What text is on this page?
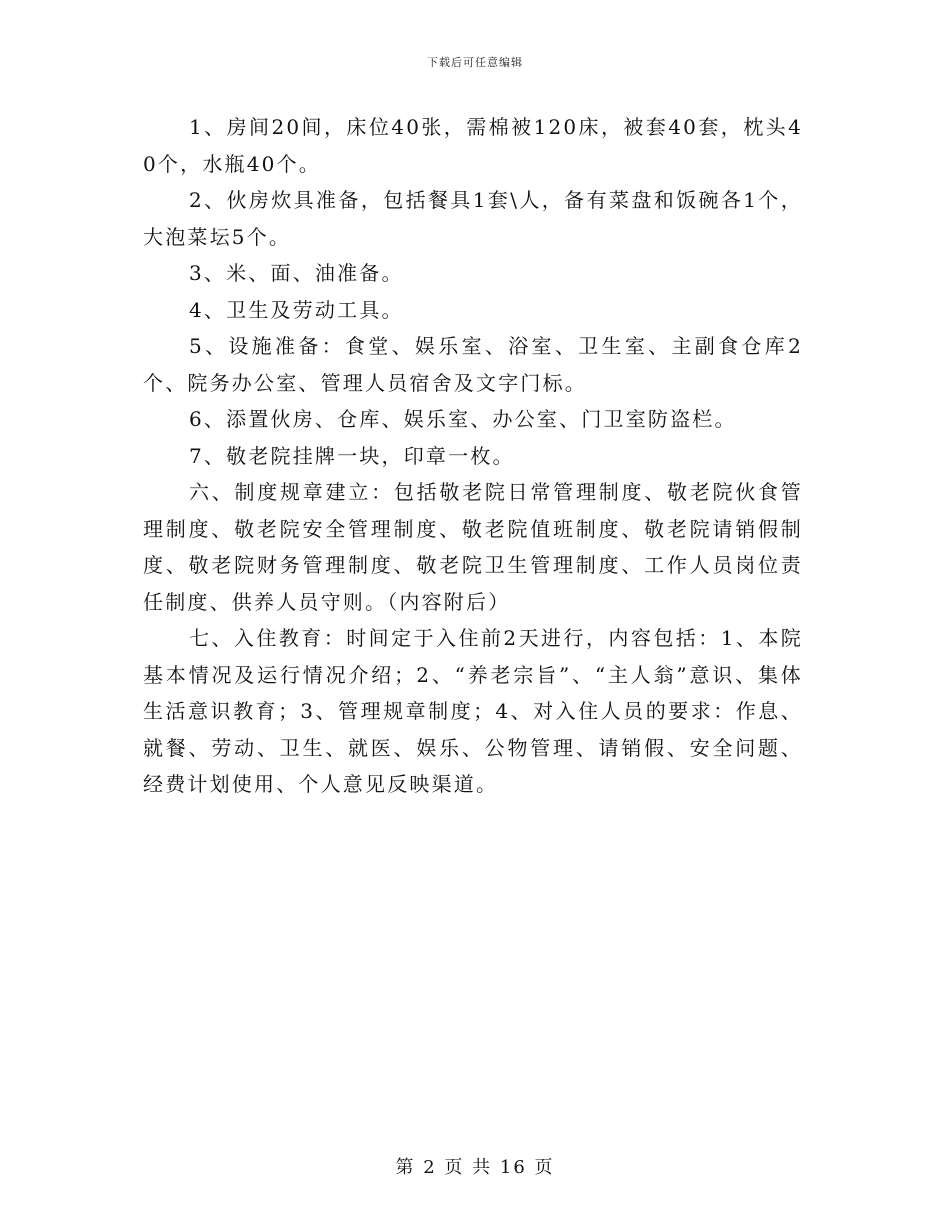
下载后可任意编辑

1、房间20间，床位40张，需棉被120床，被套40套，枕头40个，水瓶40个。

2、伙房炊具准备，包括餐具1套\人，备有菜盘和饭碗各1个，大泡菜坛5个。

3、米、面、油准备。

4、卫生及劳动工具。

5、设施准备：食堂、娱乐室、浴室、卫生室、主副食仓库2个、院务办公室、管理人员宿舍及文字门标。

6、添置伙房、仓库、娱乐室、办公室、门卫室防盗栏。

7、敬老院挂牌一块，印章一枚。

六、制度规章建立：包括敬老院日常管理制度、敬老院伙食管理制度、敬老院安全管理制度、敬老院值班制度、敬老院请销假制度、敬老院财务管理制度、敬老院卫生管理制度、工作人员岗位责任制度、供养人员守则。（内容附后）

七、入住教育：时间定于入住前2天进行，内容包括：1、本院基本情况及运行情况介绍；2、“养老宗旨”、“主人翁”意识、集体生活意识教育；3、管理规章制度；4、对入住人员的要求：作息、就餐、劳动、卫生、就医、娱乐、公物管理、请销假、安全问题、经费计划使用、个人意见反映渠道。

第 2 页 共 16 页
